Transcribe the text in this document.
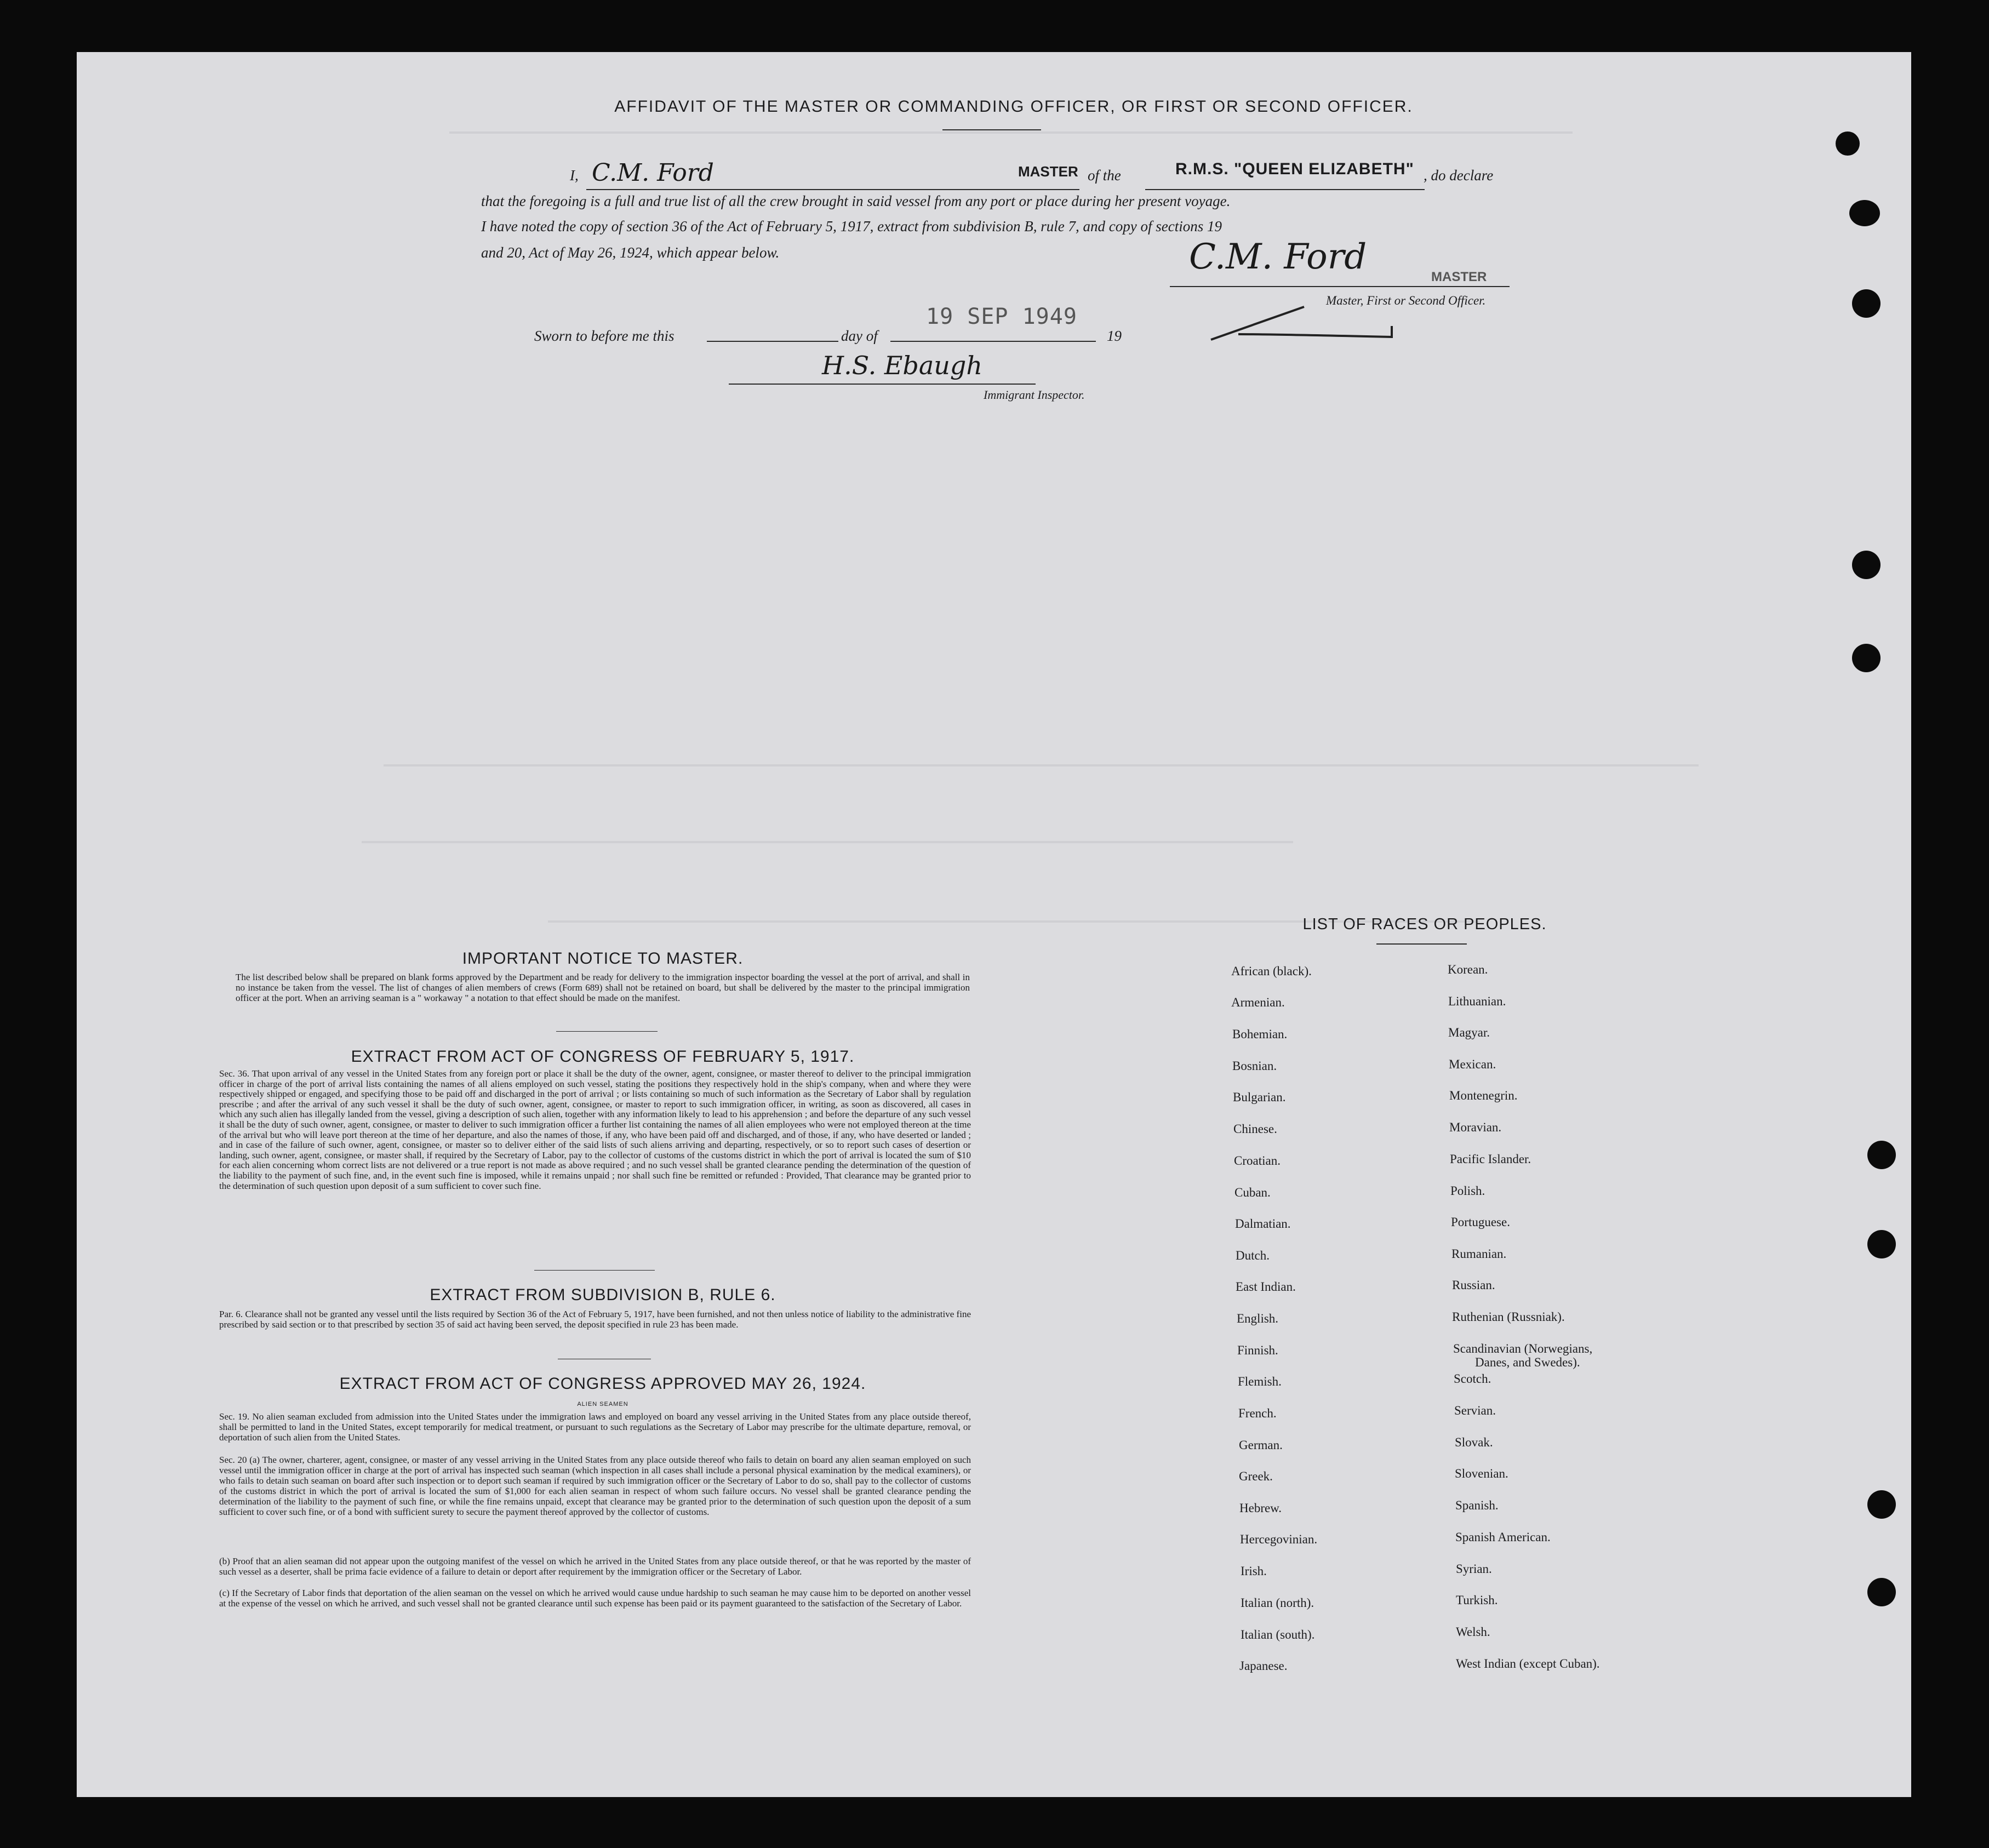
AFFIDAVIT OF THE MASTER OR COMMANDING OFFICER, OR FIRST OR SECOND OFFICER.
I, C.M. Ford	MASTER of the	R.M.S. "QUEEN ELIZABETH" , do declare
that the foregoing is a full and true list of all the crew brought in said vessel from any port or place during her present voyage.
I have noted the copy of section 36 of the Act of February 5, 1917, extract from subdivision B, rule 7, and copy of sections 19
and 20, Act of May 26, 1924, which appear below.	C.M. Ford	MASTER
Master, First or Second Officer.
Sworn to before me this	day of
19 SEP 1949
19
H.S. Ebaugh
Immigrant Inspector.
IMPORTANT NOTICE TO MASTER.
The list described below shall be prepared on blank forms approved by the Department and be ready for delivery to the immigration inspector boarding the vessel at the port of arrival, and shall in no instance be taken from the vessel. The list of changes of alien members of crews (Form 689) shall not be retained on board, but shall be delivered by the master to the principal immigration officer at the port. When an arriving seaman is a " workaway " a notation to that effect should be made on the manifest.
EXTRACT FROM ACT OF CONGRESS OF FEBRUARY 5, 1917.
Sec. 36. That upon arrival of any vessel in the United States from any foreign port or place it shall be the duty of the owner, agent, consignee, or master thereof to deliver to the principal immigration officer in charge of the port of arrival lists containing the names of all aliens employed on such vessel, stating the positions they respectively hold in the ship's company, when and where they were respectively shipped or engaged, and specifying those to be paid off and discharged in the port of arrival ; or lists containing so much of such information as the Secretary of Labor shall by regulation prescribe ; and after the arrival of any such vessel it shall be the duty of such owner, agent, consignee, or master to report to such immigration officer, in writing, as soon as discovered, all cases in which any such alien has illegally landed from the vessel, giving a description of such alien, together with any information likely to lead to his apprehension ; and before the departure of any such vessel it shall be the duty of such owner, agent, consignee, or master to deliver to such immigration officer a further list containing the names of all alien employees who were not employed thereon at the time of the arrival but who will leave port thereon at the time of her departure, and also the names of those, if any, who have been paid off and discharged, and of those, if any, who have deserted or landed ; and in case of the failure of such owner, agent, consignee, or master so to deliver either of the said lists of such aliens arriving and departing, respectively, or so to report such cases of desertion or landing, such owner, agent, consignee, or master shall, if required by the Secretary of Labor, pay to the collector of customs of the customs district in which the port of arrival is located the sum of $10 for each alien concerning whom correct lists are not delivered or a true report is not made as above required ; and no such vessel shall be granted clearance pending the determination of the question of the liability to the payment of such fine, and, in the event such fine is imposed, while it remains unpaid ; nor shall such fine be remitted or refunded : Provided, That clearance may be granted prior to the determination of such question upon deposit of a sum sufficient to cover such fine.
EXTRACT FROM SUBDIVISION B, RULE 6.
Par. 6. Clearance shall not be granted any vessel until the lists required by Section 36 of the Act of February 5, 1917, have been furnished, and not then unless notice of liability to the administrative fine prescribed by said section or to that prescribed by section 35 of said act having been served, the deposit specified in rule 23 has been made.
EXTRACT FROM ACT OF CONGRESS APPROVED MAY 26, 1924.
ALIEN SEAMEN
Sec. 19. No alien seaman excluded from admission into the United States under the immigration laws and employed on board any vessel arriving in the United States from any place outside thereof, shall be permitted to land in the United States, except temporarily for medical treatment, or pursuant to such regulations as the Secretary of Labor may prescribe for the ultimate departure, removal, or deportation of such alien from the United States.
Sec. 20 (a) The owner, charterer, agent, consignee, or master of any vessel arriving in the United States from any place outside thereof who fails to detain on board any alien seaman employed on such vessel until the immigration officer in charge at the port of arrival has inspected such seaman (which inspection in all cases shall include a personal physical examination by the medical examiners), or who fails to detain such seaman on board after such inspection or to deport such seaman if required by such immigration officer or the Secretary of Labor to do so, shall pay to the collector of customs of the customs district in which the port of arrival is located the sum of $1,000 for each alien seaman in respect of whom such failure occurs. No vessel shall be granted clearance pending the determination of the liability to the payment of such fine, or while the fine remains unpaid, except that clearance may be granted prior to the determination of such question upon the deposit of a sum sufficient to cover such fine, or of a bond with sufficient surety to secure the payment thereof approved by the collector of customs.
(b) Proof that an alien seaman did not appear upon the outgoing manifest of the vessel on which he arrived in the United States from any place outside thereof, or that he was reported by the master of such vessel as a deserter, shall be prima facie evidence of a failure to detain or deport after requirement by the immigration officer or the Secretary of Labor.
(c) If the Secretary of Labor finds that deportation of the alien seaman on the vessel on which he arrived would cause undue hardship to such seaman he may cause him to be deported on another vessel at the expense of the vessel on which he arrived, and such vessel shall not be granted clearance until such expense has been paid or its payment guaranteed to the satisfaction of the Secretary of Labor.
LIST OF RACES OR PEOPLES.
African (black).
Armenian.
Bohemian.
Bosnian.
Bulgarian.
Chinese.
Croatian.
Cuban.
Dalmatian.
Dutch.
East Indian.
English.
Finnish.
Flemish.
French.
German.
Greek.
Hebrew.
Hercegovinian.
Irish.
Italian (north).
Italian (south).
Japanese.
Korean.
Lithuanian.
Magyar.
Mexican.
Montenegrin.
Moravian.
Pacific Islander.
Polish.
Portuguese.
Rumanian.
Russian.
Ruthenian (Russniak).
Scandinavian (Norwegians,
Danes, and Swedes).
Scotch.
Servian.
Slovak.
Slovenian.
Spanish.
Spanish American.
Syrian.
Turkish.
Welsh.
West Indian (except Cuban).
